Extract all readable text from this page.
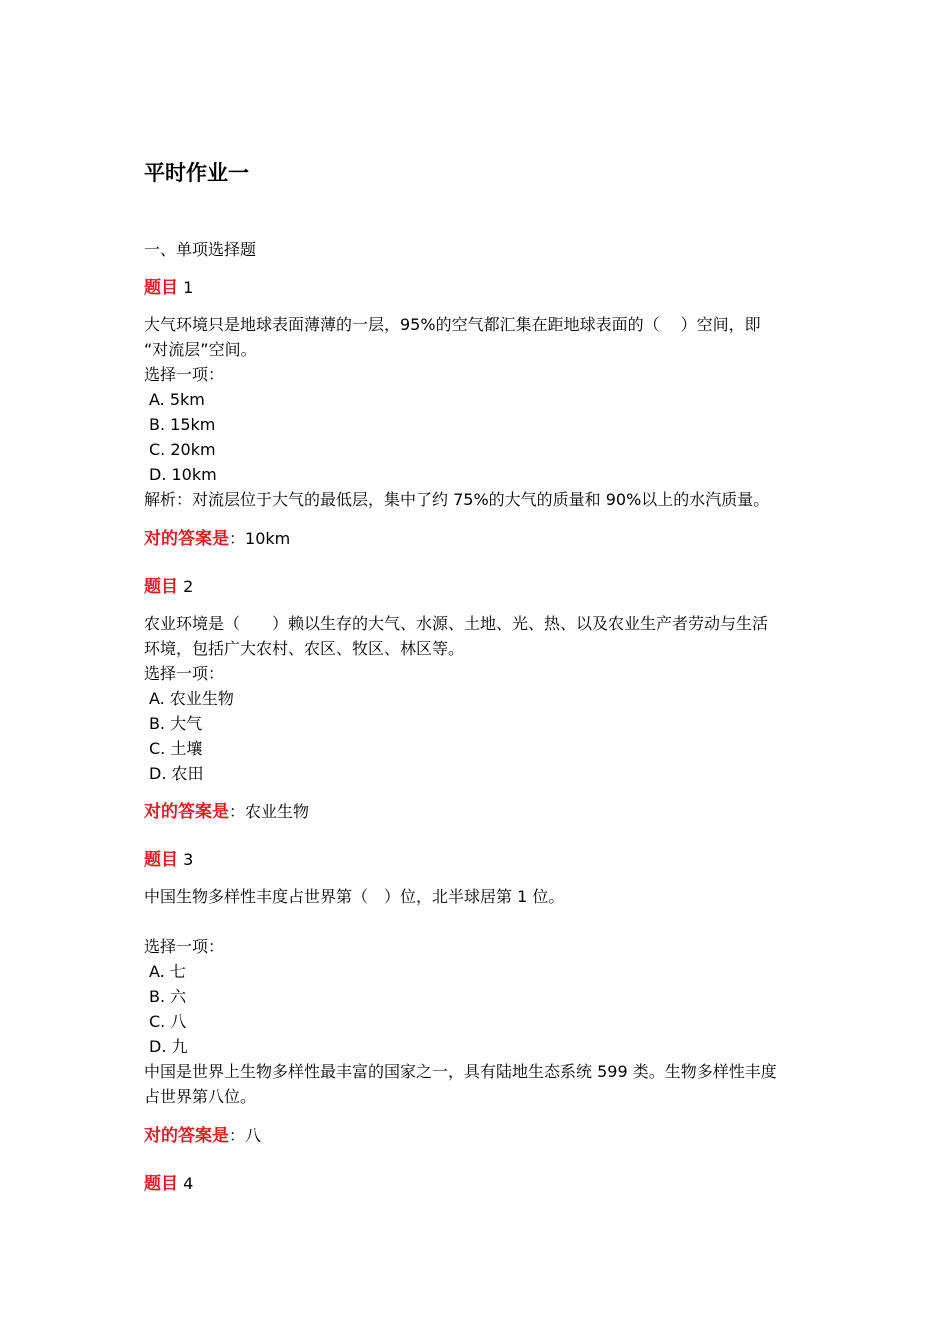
平时作业一
一、单项选择题
题目 1
大气环境只是地球表面薄薄的一层，95%的空气都汇集在距地球表面的（　 ）空间，即
“对流层”空间。
选择一项：
A. 5km
B. 15km
C. 20km
D. 10km
解析：对流层位于大气的最低层，集中了约 75%的大气的质量和 90%以上的水汽质量。
对的答案是：10km
题目 2
农业环境是（　　）赖以生存的大气、水源、土地、光、热、以及农业生产者劳动与生活
环境，包括广大农村、农区、牧区、林区等。
选择一项：
A. 农业生物
B. 大气
C. 土壤
D. 农田
对的答案是：农业生物
题目 3
中国生物多样性丰度占世界第（　）位，北半球居第 1 位。
选择一项：
A. 七
B. 六
C. 八
D. 九
中国是世界上生物多样性最丰富的国家之一，具有陆地生态系统 599 类。生物多样性丰度
占世界第八位。
对的答案是：八
题目 4
